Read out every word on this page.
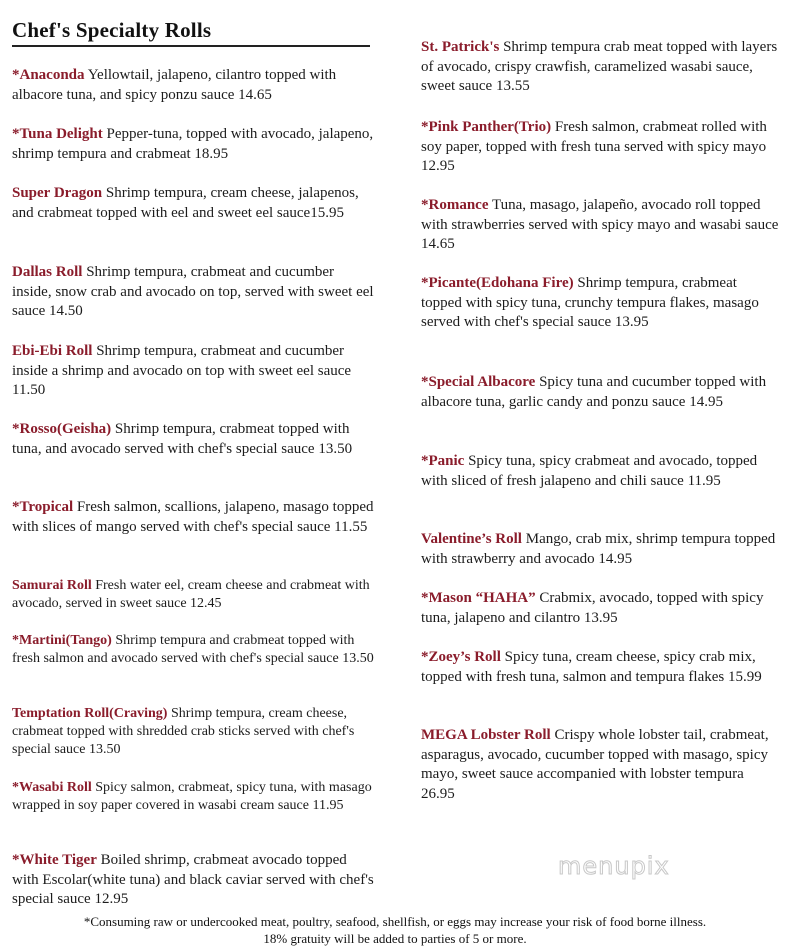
Chef's Specialty Rolls
*Anaconda Yellowtail, jalapeno, cilantro topped with albacore tuna, and spicy ponzu sauce 14.65
*Tuna Delight Pepper-tuna, topped with avocado, jalapeno, shrimp tempura and crabmeat 18.95
Super Dragon Shrimp tempura, cream cheese, jalapenos, and crabmeat topped with eel and sweet eel sauce15.95
Dallas Roll Shrimp tempura, crabmeat and cucumber inside, snow crab and avocado on top, served with sweet eel sauce 14.50
Ebi-Ebi Roll Shrimp tempura, crabmeat and cucumber inside a shrimp and avocado on top with sweet eel sauce 11.50
*Rosso(Geisha) Shrimp tempura, crabmeat topped with tuna, and avocado served with chef's special sauce 13.50
*Tropical Fresh salmon, scallions, jalapeno, masago topped with slices of mango served with chef's special sauce 11.55
Samurai Roll Fresh water eel, cream cheese and crabmeat with avocado, served in sweet sauce 12.45
*Martini(Tango) Shrimp tempura and crabmeat topped with fresh salmon and avocado served with chef's special sauce 13.50
Temptation Roll(Craving) Shrimp tempura, cream cheese, crabmeat topped with shredded crab sticks served with chef's special sauce 13.50
*Wasabi Roll Spicy salmon, crabmeat, spicy tuna, with masago wrapped in soy paper covered in wasabi cream sauce 11.95
*White Tiger Boiled shrimp, crabmeat avocado topped with Escolar(white tuna) and black caviar served with chef's special sauce 12.95
St. Patrick's Shrimp tempura crab meat topped with layers of avocado, crispy crawfish, caramelized wasabi sauce, sweet sauce 13.55
*Pink Panther(Trio) Fresh salmon, crabmeat rolled with soy paper, topped with fresh tuna served with spicy mayo 12.95
*Romance Tuna, masago, jalapeño, avocado roll topped with strawberries served with spicy mayo and wasabi sauce 14.65
*Picante(Edohana Fire) Shrimp tempura, crabmeat topped with spicy tuna, crunchy tempura flakes, masago served with chef's special sauce 13.95
*Special Albacore Spicy tuna and cucumber topped with albacore tuna, garlic candy and ponzu sauce 14.95
*Panic Spicy tuna, spicy crabmeat and avocado, topped with sliced of fresh jalapeno and chili sauce 11.95
Valentine’s Roll Mango, crab mix, shrimp tempura topped with strawberry and avocado 14.95
*Mason “HAHA” Crabmix, avocado, topped with spicy tuna, jalapeno and cilantro 13.95
*Zoey’s Roll Spicy tuna, cream cheese, spicy crab mix, topped with fresh tuna, salmon and tempura flakes 15.99
MEGA Lobster Roll Crispy whole lobster tail, crabmeat, asparagus, avocado, cucumber topped with masago, spicy mayo, sweet sauce accompanied with lobster tempura 26.95
menupix
*Consuming raw or undercooked meat, poultry, seafood, shellfish, or eggs may increase your risk of food borne illness.
18% gratuity will be added to parties of 5 or more.
